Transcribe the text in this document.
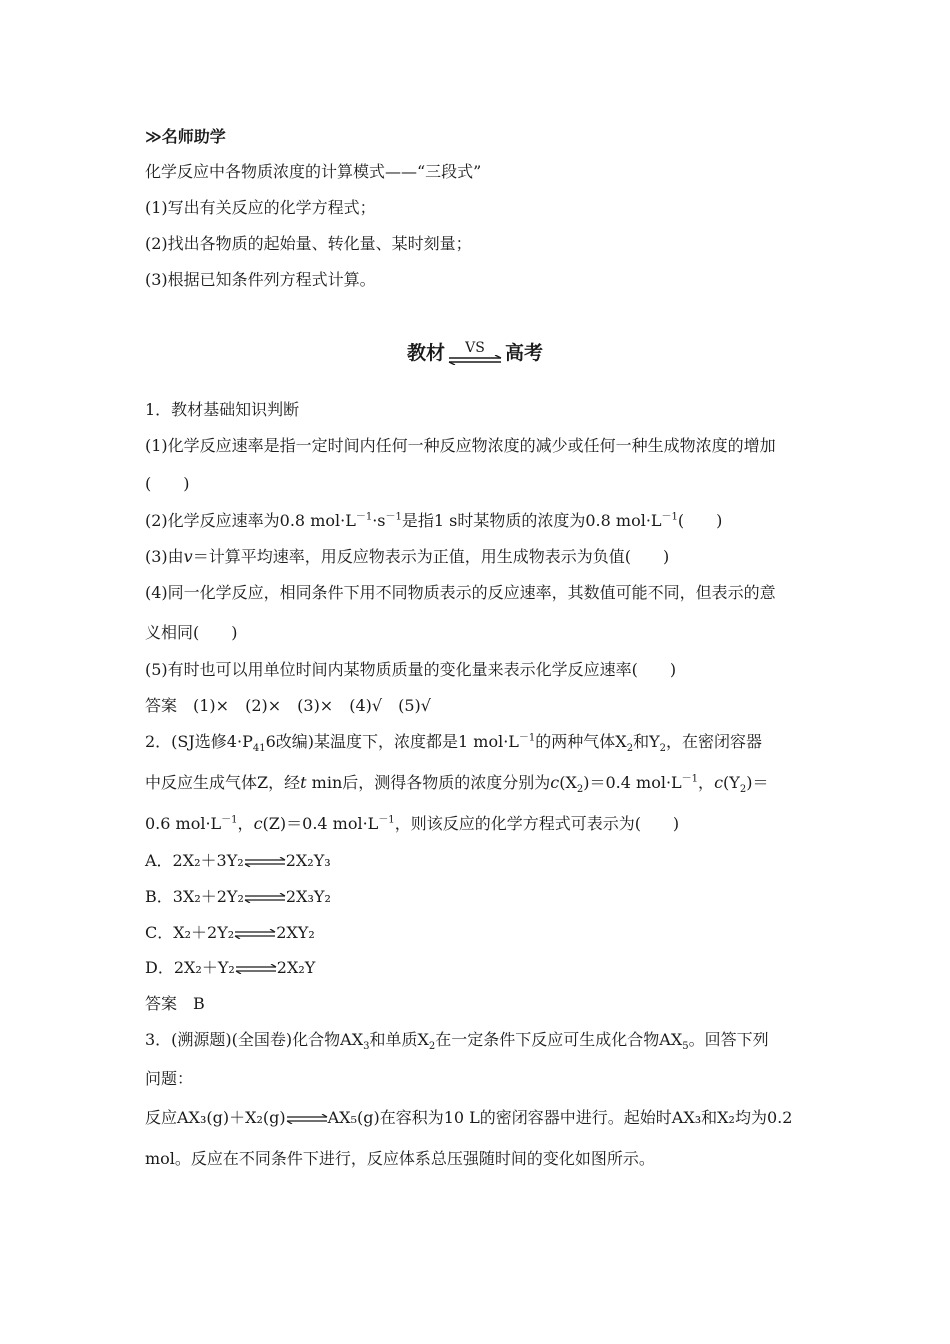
≫名师助学
化学反应中各物质浓度的计算模式——“三段式”
(1)写出有关反应的化学方程式；
(2)找出各物质的起始量、转化量、某时刻量；
(3)根据已知条件列方程式计算。
教材 VS 高考
1．教材基础知识判断
(1)化学反应速率是指一定时间内任何一种反应物浓度的减少或任何一种生成物浓度的增加
(　　)
(2)化学反应速率为0.8 $mol\cdot L^{-1}\cdot s^{-1}$是指1 s时某物质的浓度为0.8 $mol\cdot L^{-1}$(　　)
(3)由v＝计算平均速率，用反应物表示为正值，用生成物表示为负值(　　)
(4)同一化学反应，相同条件下用不同物质表示的反应速率，其数值可能不同，但表示的意
义相同(　　)
(5)有时也可以用单位时间内某物质质量的变化量来表示化学反应速率(　　)
答案　(1)×　(2)×　(3)×　(4)√　(5)√
2．(SJ选修$4\cdot P_{41}6$改编)某温度下，浓度都是1 $mol\cdot L^{-1}$的两种气体$X_2$和$Y_2$，在密闭容器
中反应生成气体Z，经t min后，测得各物质的浓度分别为$c(X_2)=0.4$ $mol\cdot L^{-1}$，$c(Y_2)=$
0.6 $mol\cdot L^{-1}$，c(Z)＝0.4 $mol\cdot L^{-1}$，则该反应的化学方程式可表示为(　　)
A．2X₂＋3Y₂⇌2X₂Y₃
B．3X₂＋2Y₂⇌2X₃Y₂
C．X₂＋2Y₂⇌2XY₂
D．2X₂＋Y₂⇌2X₂Y
答案　B
3．(溯源题)(全国卷)化合物$AX_3$和单质$X_2$在一定条件下反应可生成化合物$AX_5$。回答下列
问题：
反应AX₃(g)＋X₂(g)⇌AX₅(g)在容积为10 L的密闭容器中进行。起始时AX₃和X₂均为0.2
mol。反应在不同条件下进行，反应体系总压强随时间的变化如图所示。
